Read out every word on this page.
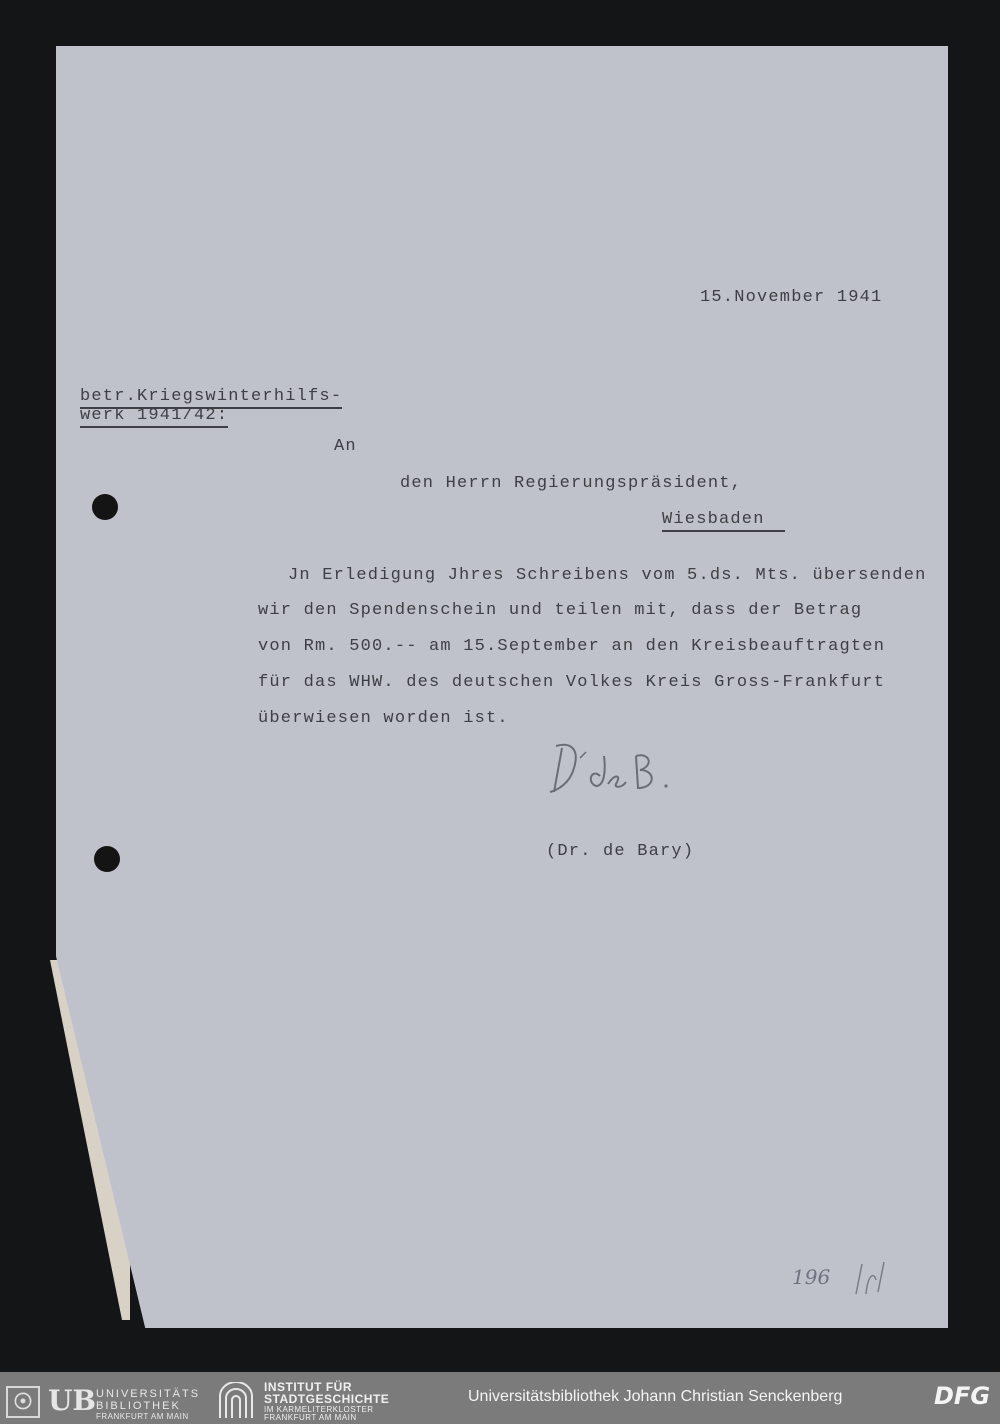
15.November 1941
betr.Kriegswinterhilfs-
werk 1941/42:
An
den Herrn Regierungspräsident,
Wiesbaden
Jn Erledigung Jhres Schreibens vom 5.ds. Mts. übersenden
wir den Spendenschein und teilen mit, dass der Betrag
von Rm. 500.-- am 15.September an den Kreisbeauftragten
für das WHW. des deutschen Volkes Kreis Gross-Frankfurt
überwiesen worden ist.
(Dr. de Bary)
196
☉ UB UNIVERSITÄTS
BIBLIOTHEK
FRANKFURT AM MAIN
INSTITUT FÜR
STADTGESCHICHTE
IM KARMELITERKLOSTER
FRANKFURT AM MAIN
Universitätsbibliothek Johann Christian Senckenberg	DFG
